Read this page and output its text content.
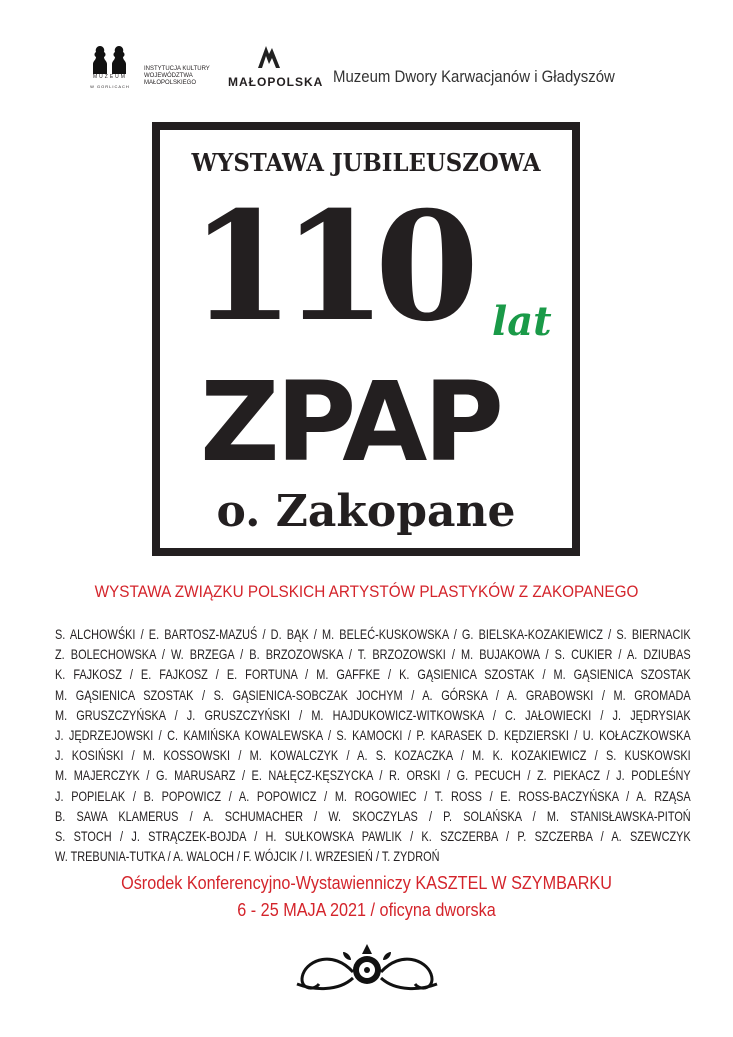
MUZEUM
W GORLICACH
INSTYTUCJA KULTURY
WOJEWÓDZTWA
MAŁOPOLSKIEGO	MAŁOPOLSKA Muzeum Dwory Karwacjanów i Gładyszów
WYSTAWA JUBILEUSZOWA
110 lat
ZPAP
o. Zakopane
WYSTAWA ZWIĄZKU POLSKICH ARTYSTÓW PLASTYKÓW Z ZAKOPANEGO
S. ALCHOWŚKI / E. BARTOSZ-MAZUŚ / D. BĄK / M. BELEĆ-KUSKOWSKA / G. BIELSKA-KOZAKIEWICZ / S. BIERNACIK
Z. BOLECHOWSKA / W. BRZEGA / B. BRZOZOWSKA / T. BRZOZOWSKI / M. BUJAKOWA / S. CUKIER / A. DZIUBAS
K. FAJKOSZ / E. FAJKOSZ / E. FORTUNA / M. GAFFKE / K. GĄSIENICA SZOSTAK / M. GĄSIENICA SZOSTAK
M. GĄSIENICA SZOSTAK / S. GĄSIENICA-SOBCZAK JOCHYM / A. GÓRSKA / A. GRABOWSKI / M. GROMADA
M. GRUSZCZYŃSKA / J. GRUSZCZYŃSKI / M. HAJDUKOWICZ-WITKOWSKA / C. JAŁOWIECKI / J. JĘDRYSIAK
J. JĘDRZEJOWSKI / C. KAMIŃSKA KOWALEWSKA / S. KAMOCKI / P. KARASEK D. KĘDZIERSKI / U. KOŁACZKOWSKA
J. KOSIŃSKI / M. KOSSOWSKI / M. KOWALCZYK / A. S. KOZACZKA / M. K. KOZAKIEWICZ / S. KUSKOWSKI
M. MAJERCZYK / G. MARUSARZ / E. NAŁĘCZ-KĘSZYCKA / R. ORSKI / G. PECUCH / Z. PIEKACZ / J. PODLEŚNY
J. POPIELAK / B. POPOWICZ / A. POPOWICZ / M. ROGOWIEC / T. ROSS / E. ROSS-BACZYŃSKA / A. RZĄSA
B. SAWA KLAMERUS / A. SCHUMACHER / W. SKOCZYLAS / P. SOLAŃSKA / M. STANISŁAWSKA-PITOŃ
S. STOCH / J. STRĄCZEK-BOJDA / H. SUŁKOWSKA PAWLIK / K. SZCZERBA / P. SZCZERBA / A. SZEWCZYK
W. TREBUNIA-TUTKA / A. WALOCH / F. WÓJCIK / I. WRZESIEŃ / T. ZYDROŃ
Ośrodek Konferencyjno-Wystawienniczy KASZTEL W SZYMBARKU
6 - 25 MAJA 2021 / oficyna dworska
